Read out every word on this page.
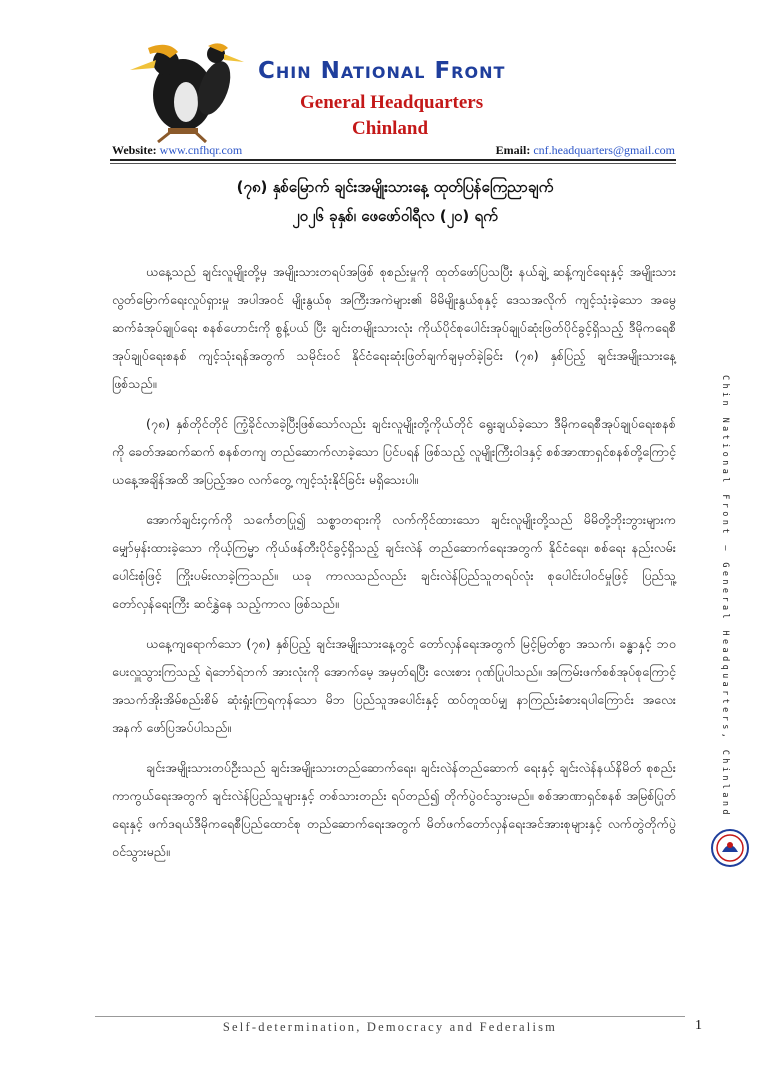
Chin National Front
General Headquarters
Chinland
Website: www.cnfhqr.com	Email: cnf.headquarters@gmail.com
(၇၈) နှစ်မြောက် ချင်းအမျိုးသားနေ့ ထုတ်ပြန်ကြေညာချက်
၂၀၂၆ ခုနှစ်၊ ဖေဖော်ဝါရီလ (၂၀) ရက်

ယနေ့သည် ချင်းလူမျိုးတို့မှ အမျိုးသားတရပ်အဖြစ် စုစည်းမှုကို ထုတ်ဖော်ပြသပြီး နယ်ချဲ့ ဆန့်ကျင်ရေးနှင့် အမျိုးသားလွတ်မြောက်ရေးလှုပ်ရှားမှု အပါအဝင် မျိုးနွယ်စု အကြီးအကဲများ၏ မိမိမျိုးနွယ်စုနှင့် ဒေသအလိုက် ကျင့်သုံးခဲ့သော အမွေဆက်ခံအုပ်ချုပ်ရေး စနစ်ဟောင်းကို စွန့်ပယ် ပြီး ချင်းတမျိုးသားလုံး ကိုယ်ပိုင်စုပေါင်းအုပ်ချုပ်ဆုံးဖြတ်ပိုင်ခွင့်ရှိသည့် ဒီမိုကရေစီ အုပ်ချုပ်ရေးစနစ် ကျင့်သုံးရန်အတွက် သမိုင်းဝင် နိုင်ငံရေးဆုံးဖြတ်ချက်ချမှတ်ခဲ့ခြင်း (၇၈) နှစ်ပြည့် ချင်းအမျိုးသားနေ့ ဖြစ်သည်။

(၇၈) နှစ်တိုင်တိုင် ကြံ့ခိုင်လာခဲ့ပြီးဖြစ်သော်လည်း ချင်းလူမျိုးတို့ကိုယ်တိုင် ရွေးချယ်ခဲ့သော ဒီမိုကရေစီအုပ်ချုပ်ရေးစနစ်ကို ခေတ်အဆက်ဆက် စနစ်တကျ တည်ဆောက်လာခဲ့သော ပြင်ပရန် ဖြစ်သည့် လူမျိုးကြီးဝါဒနှင့် စစ်အာဏာရှင်စနစ်တို့ကြောင့် ယနေ့အချိန်အထိ အပြည့်အဝ လက်တွေ့ ကျင့်သုံးနိုင်ခြင်း မရှိသေးပါ။

အောက်ချင်း၄က်ကို သင်္ကေတပြု၍ သစ္စာတရားကို လက်ကိုင်ထားသော ချင်းလူမျိုးတို့သည် မိမိတို့ဘိုးဘွားများက မျှော်မှန်းထားခဲ့သော ကိုယ့်ကြမ္မာ ကိုယ်ဖန်တီးပိုင်ခွင့်ရှိသည့် ချင်းလဲန် တည်ဆောက်ရေးအတွက် နိုင်ငံရေး၊ စစ်ရေး နည်းလမ်းပေါင်းစုံဖြင့် ကြိုးပမ်းလာခဲ့ကြသည်။ ယခု ကာလသည်လည်း ချင်းလဲန်ပြည်သူတရပ်လုံး စုပေါင်းပါဝင်မှုဖြင့် ပြည်သူ့ တော်လှန်ရေးကြီး ဆင်နွှဲနေ သည့်ကာလ ဖြစ်သည်။

ယနေ့ကျရောက်သော (၇၈) နှစ်ပြည့် ချင်းအမျိုးသားနေ့တွင် တော်လှန်ရေးအတွက် မြင့်မြတ်စွာ အသက်၊ ခန္ဓာနှင့် ဘဝ ပေးလှူသွားကြသည့် ရဲဘော်ရဲဘက် အားလုံးကို အောက်မေ့ အမှတ်ရပြီး လေးစား ဂုဏ်ပြုပါသည်။ အကြမ်းဖက်စစ်အုပ်စုကြောင့် အသက်အိုးအိမ်စည်းစိမ် ဆုံးရှုံးကြရကုန်သော မိဘ ပြည်သူအပေါင်းနှင့် ထပ်တူထပ်မျှ နာကြည်းခံစားရပါကြောင်း အလေးအနက် ဖော်ပြအပ်ပါသည်။

ချင်းအမျိုးသားတပ်ဦးသည် ချင်းအမျိုးသားတည်ဆောက်ရေး၊ ချင်းလဲန်တည်ဆောက် ရေးနှင့် ချင်းလဲန်နယ်နိမိတ် စုစည်းကာကွယ်ရေးအတွက် ချင်းလဲန်ပြည်သူများနှင့် တစ်သားတည်း ရပ်တည်၍ တိုက်ပွဲဝင်သွားမည်။ စစ်အာဏာရှင်စနစ် အမြစ်ပြုတ်ရေးနှင့် ဖက်ဒရယ်ဒီမိုကရေစီပြည်ထောင်စု တည်ဆောက်ရေးအတွက် မိတ်ဖက်တော်လှန်ရေးအင်အားစုများနှင့် လက်တွဲတိုက်ပွဲဝင်သွားမည်။

Chin National Front – General Headquarters, Chinland
Self-determination, Democracy and Federalism	1
